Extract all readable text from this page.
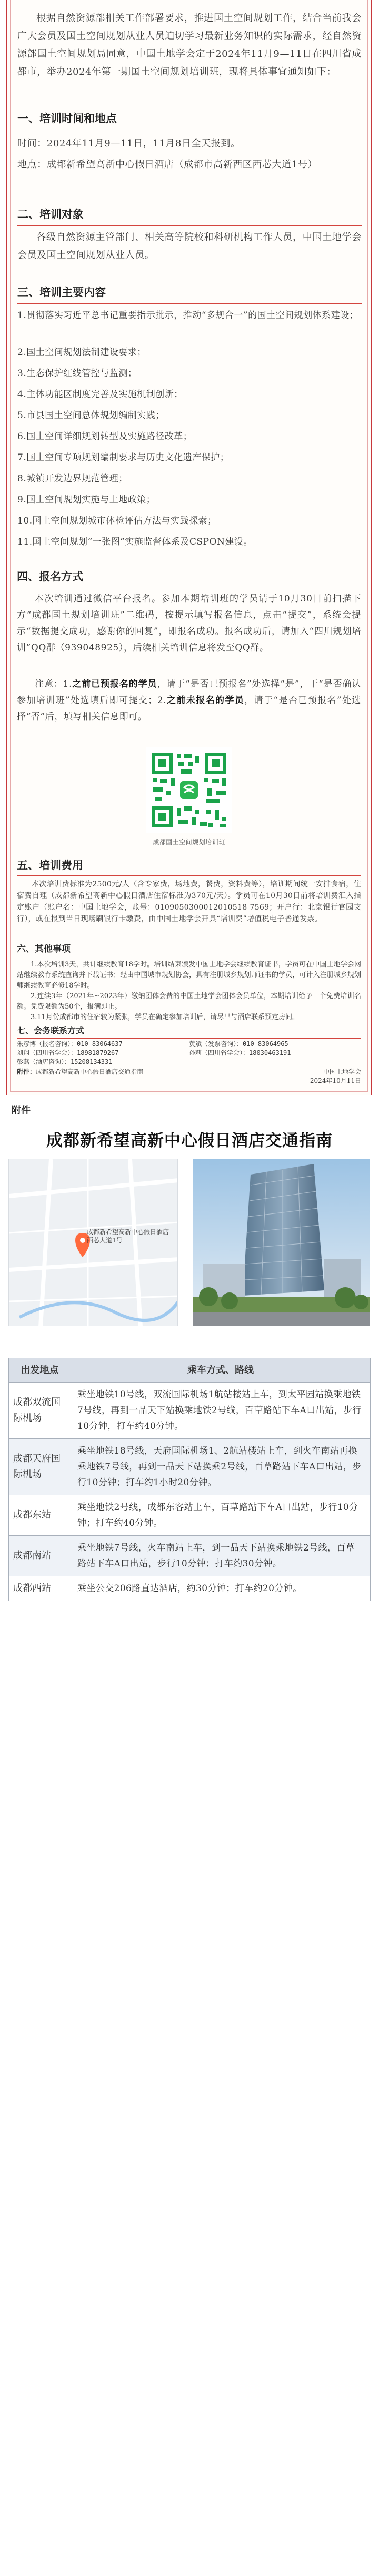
根据自然资源部相关工作部署要求，推进国土空间规划工作，结合当前我会广大会员及国土空间规划从业人员迫切学习最新业务知识的实际需求，经自然资源部国土空间规划局同意，中国土地学会定于2024年11月9—11日在四川省成都市，举办2024年第一期国土空间规划培训班，现将具体事宜通知如下：

一、培训时间和地点

时间：2024年11月9—11日，11月8日全天报到。

地点：成都新希望高新中心假日酒店（成都市高新西区西芯大道1号）

二、培训对象

各级自然资源主管部门、相关高等院校和科研机构工作人员，中国土地学会会员及国土空间规划从业人员。

三、培训主要内容
1.贯彻落实习近平总书记重要指示批示，推动“多规合一”的国土空间规划体系建设；
2.国土空间规划法制建设要求；
3.生态保护红线管控与监测；
4.主体功能区制度完善及实施机制创新；
5.市县国土空间总体规划编制实践；
6.国土空间详细规划转型及实施路径改革；
7.国土空间专项规划编制要求与历史文化遗产保护；
8.城镇开发边界规范管理；
9.国土空间规划实施与土地政策；
10.国土空间规划城市体检评估方法与实践探索；
11.国土空间规划“一张图”实施监督体系及CSPON建设。
四、报名方式

本次培训通过微信平台报名。参加本期培训班的学员请于10月30日前扫描下方“成都国土规划培训班”二维码，按提示填写报名信息，点击“提交”，系统会提示“数据提交成功，感谢你的回复”，即报名成功。报名成功后，请加入“四川规划培训”QQ群（939048925），后续相关培训信息将发至QQ群。

注意：1.之前已预报名的学员，请于“是否已预报名”处选择“是”，于“是否确认参加培训班”处选填后即可提交；2.之前未报名的学员，请于“是否已预报名”处选择“否”后，填写相关信息即可。

成都国土空间规划培训班
五、培训费用

本次培训费标准为2500元/人（含专家费，场地费，餐费，资料费等），培训期间统一安排食宿，住宿费自理（成都新希望高新中心假日酒店住宿标准为370元/天）。学员可在10月30日前将培训费汇入指定账户（账户名：中国土地学会，账号：0109050300012010518 7569；开户行：北京银行官园支行），或在报到当日现场刷银行卡缴费，由中国土地学会开具“培训费”增值税电子普通发票。

六、其他事项

1.本次培训3天，共计继续教育18学时。培训结束颁发中国土地学会继续教育证书，学员可在中国土地学会网站继续教育系统查询并下载证书；经由中国城市规划协会，具有注册城乡规划师证书的学员，可计入注册城乡规划师继续教育必修18学时。

2.连续3年（2021年~2023年）缴纳团体会费的中国土地学会团体会员单位，本期培训给予一个免费培训名额。免费限额为50个，报满即止。

3.11月份成都市的住宿较为紧张，学员在确定参加培训后，请尽早与酒店联系预定房间。

七、会务联系方式
朱彦博（报名咨询）：010-83064637	黄斌（发票咨询）：010-83064965
刘翔（四川省学会）：18981879267	孙莉（四川省学会）：18030463191
彭燕（酒店咨询）：15208134331
附件：成都新希望高新中心假日酒店交通指南	中国土地学会
2024年10月11日
附件
成都新希望高新中心假日酒店交通指南
成都新希望高新中心假日酒店
西芯大道1号
出发地点	乘车方式、路线
成都双流国际机场	乘坐地铁10号线，双流国际机场1航站楼站上车，到太平园站换乘地铁7号线，再到一品天下站换乘地铁2号线，百草路站下车A口出站，步行10分钟，打车约40分钟。
成都天府国际机场	乘坐地铁18号线，天府国际机场1、2航站楼站上车，到火车南站再换乘地铁7号线，再到一品天下站换乘2号线，百草路站下车A口出站，步行10分钟；打车约1小时20分钟。
成都东站	乘坐地铁2号线，成都东客站上车，百草路站下车A口出站，步行10分钟；打车约40分钟。
成都南站	乘坐地铁7号线，火车南站上车，到一品天下站换乘地铁2号线，百草路站下车A口出站，步行10分钟；打车约30分钟。
成都西站	乘坐公交206路直达酒店，约30分钟；打车约20分钟。
